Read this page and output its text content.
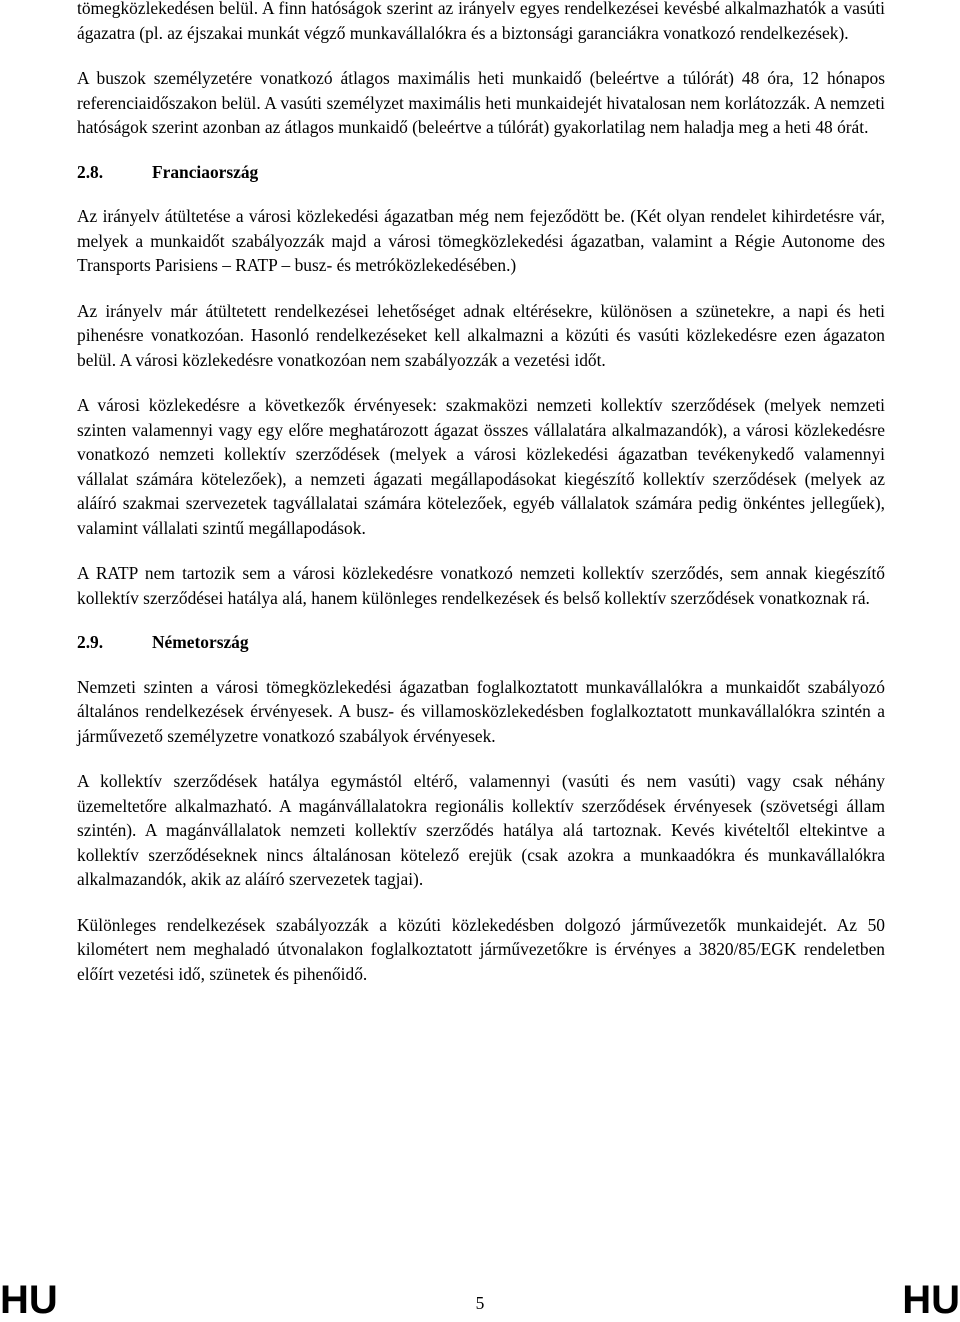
tömegközlekedésen belül. A finn hatóságok szerint az irányelv egyes rendelkezései kevésbé alkalmazhatók a vasúti ágazatra (pl. az éjszakai munkát végző munkavállalókra és a biztonsági garanciákra vonatkozó rendelkezések).

A buszok személyzetére vonatkozó átlagos maximális heti munkaidő (beleértve a túlórát) 48 óra, 12 hónapos referenciaidőszakon belül. A vasúti személyzet maximális heti munkaidejét hivatalosan nem korlátozzák. A nemzeti hatóságok szerint azonban az átlagos munkaidő (beleértve a túlórát) gyakorlatilag nem haladja meg a heti 48 órát.

2.8.	Franciaország

Az irányelv átültetése a városi közlekedési ágazatban még nem fejeződött be. (Két olyan rendelet kihirdetésre vár, melyek a munkaidőt szabályozzák majd a városi tömegközlekedési ágazatban, valamint a Régie Autonome des Transports Parisiens – RATP – busz- és metróközlekedésében.)

Az irányelv már átültetett rendelkezései lehetőséget adnak eltérésekre, különösen a szünetekre, a napi és heti pihenésre vonatkozóan. Hasonló rendelkezéseket kell alkalmazni a közúti és vasúti közlekedésre ezen ágazaton belül. A városi közlekedésre vonatkozóan nem szabályozzák a vezetési időt.

A városi közlekedésre a következők érvényesek: szakmaközi nemzeti kollektív szerződések (melyek nemzeti szinten valamennyi vagy egy előre meghatározott ágazat összes vállalatára alkalmazandók), a városi közlekedésre vonatkozó nemzeti kollektív szerződések (melyek a városi közlekedési ágazatban tevékenykedő valamennyi vállalat számára kötelezőek), a nemzeti ágazati megállapodásokat kiegészítő kollektív szerződések (melyek az aláíró szakmai szervezetek tagvállalatai számára kötelezőek, egyéb vállalatok számára pedig önkéntes jellegűek), valamint vállalati szintű megállapodások.

A RATP nem tartozik sem a városi közlekedésre vonatkozó nemzeti kollektív szerződés, sem annak kiegészítő kollektív szerződései hatálya alá, hanem különleges rendelkezések és belső kollektív szerződések vonatkoznak rá.

2.9.	Németország

Nemzeti szinten a városi tömegközlekedési ágazatban foglalkoztatott munkavállalókra a munkaidőt szabályozó általános rendelkezések érvényesek. A busz- és villamosközlekedésben foglalkoztatott munkavállalókra szintén a járművezető személyzetre vonatkozó szabályok érvényesek.

A kollektív szerződések hatálya egymástól eltérő, valamennyi (vasúti és nem vasúti) vagy csak néhány üzemeltetőre alkalmazható. A magánvállalatokra regionális kollektív szerződések érvényesek (szövetségi állam szintén). A magánvállalatok nemzeti kollektív szerződés hatálya alá tartoznak. Kevés kivételtől eltekintve a kollektív szerződéseknek nincs általánosan kötelező erejük (csak azokra a munkaadókra és munkavállalókra alkalmazandók, akik az aláíró szervezetek tagjai).

Különleges rendelkezések szabályozzák a közúti közlekedésben dolgozó járművezetők munkaidejét. Az 50 kilométert nem meghaladó útvonalakon foglalkoztatott járművezetőkre is érvényes a 3820/85/EGK rendeletben előírt vezetési idő, szünetek és pihenőidő.

HU	5	HU
